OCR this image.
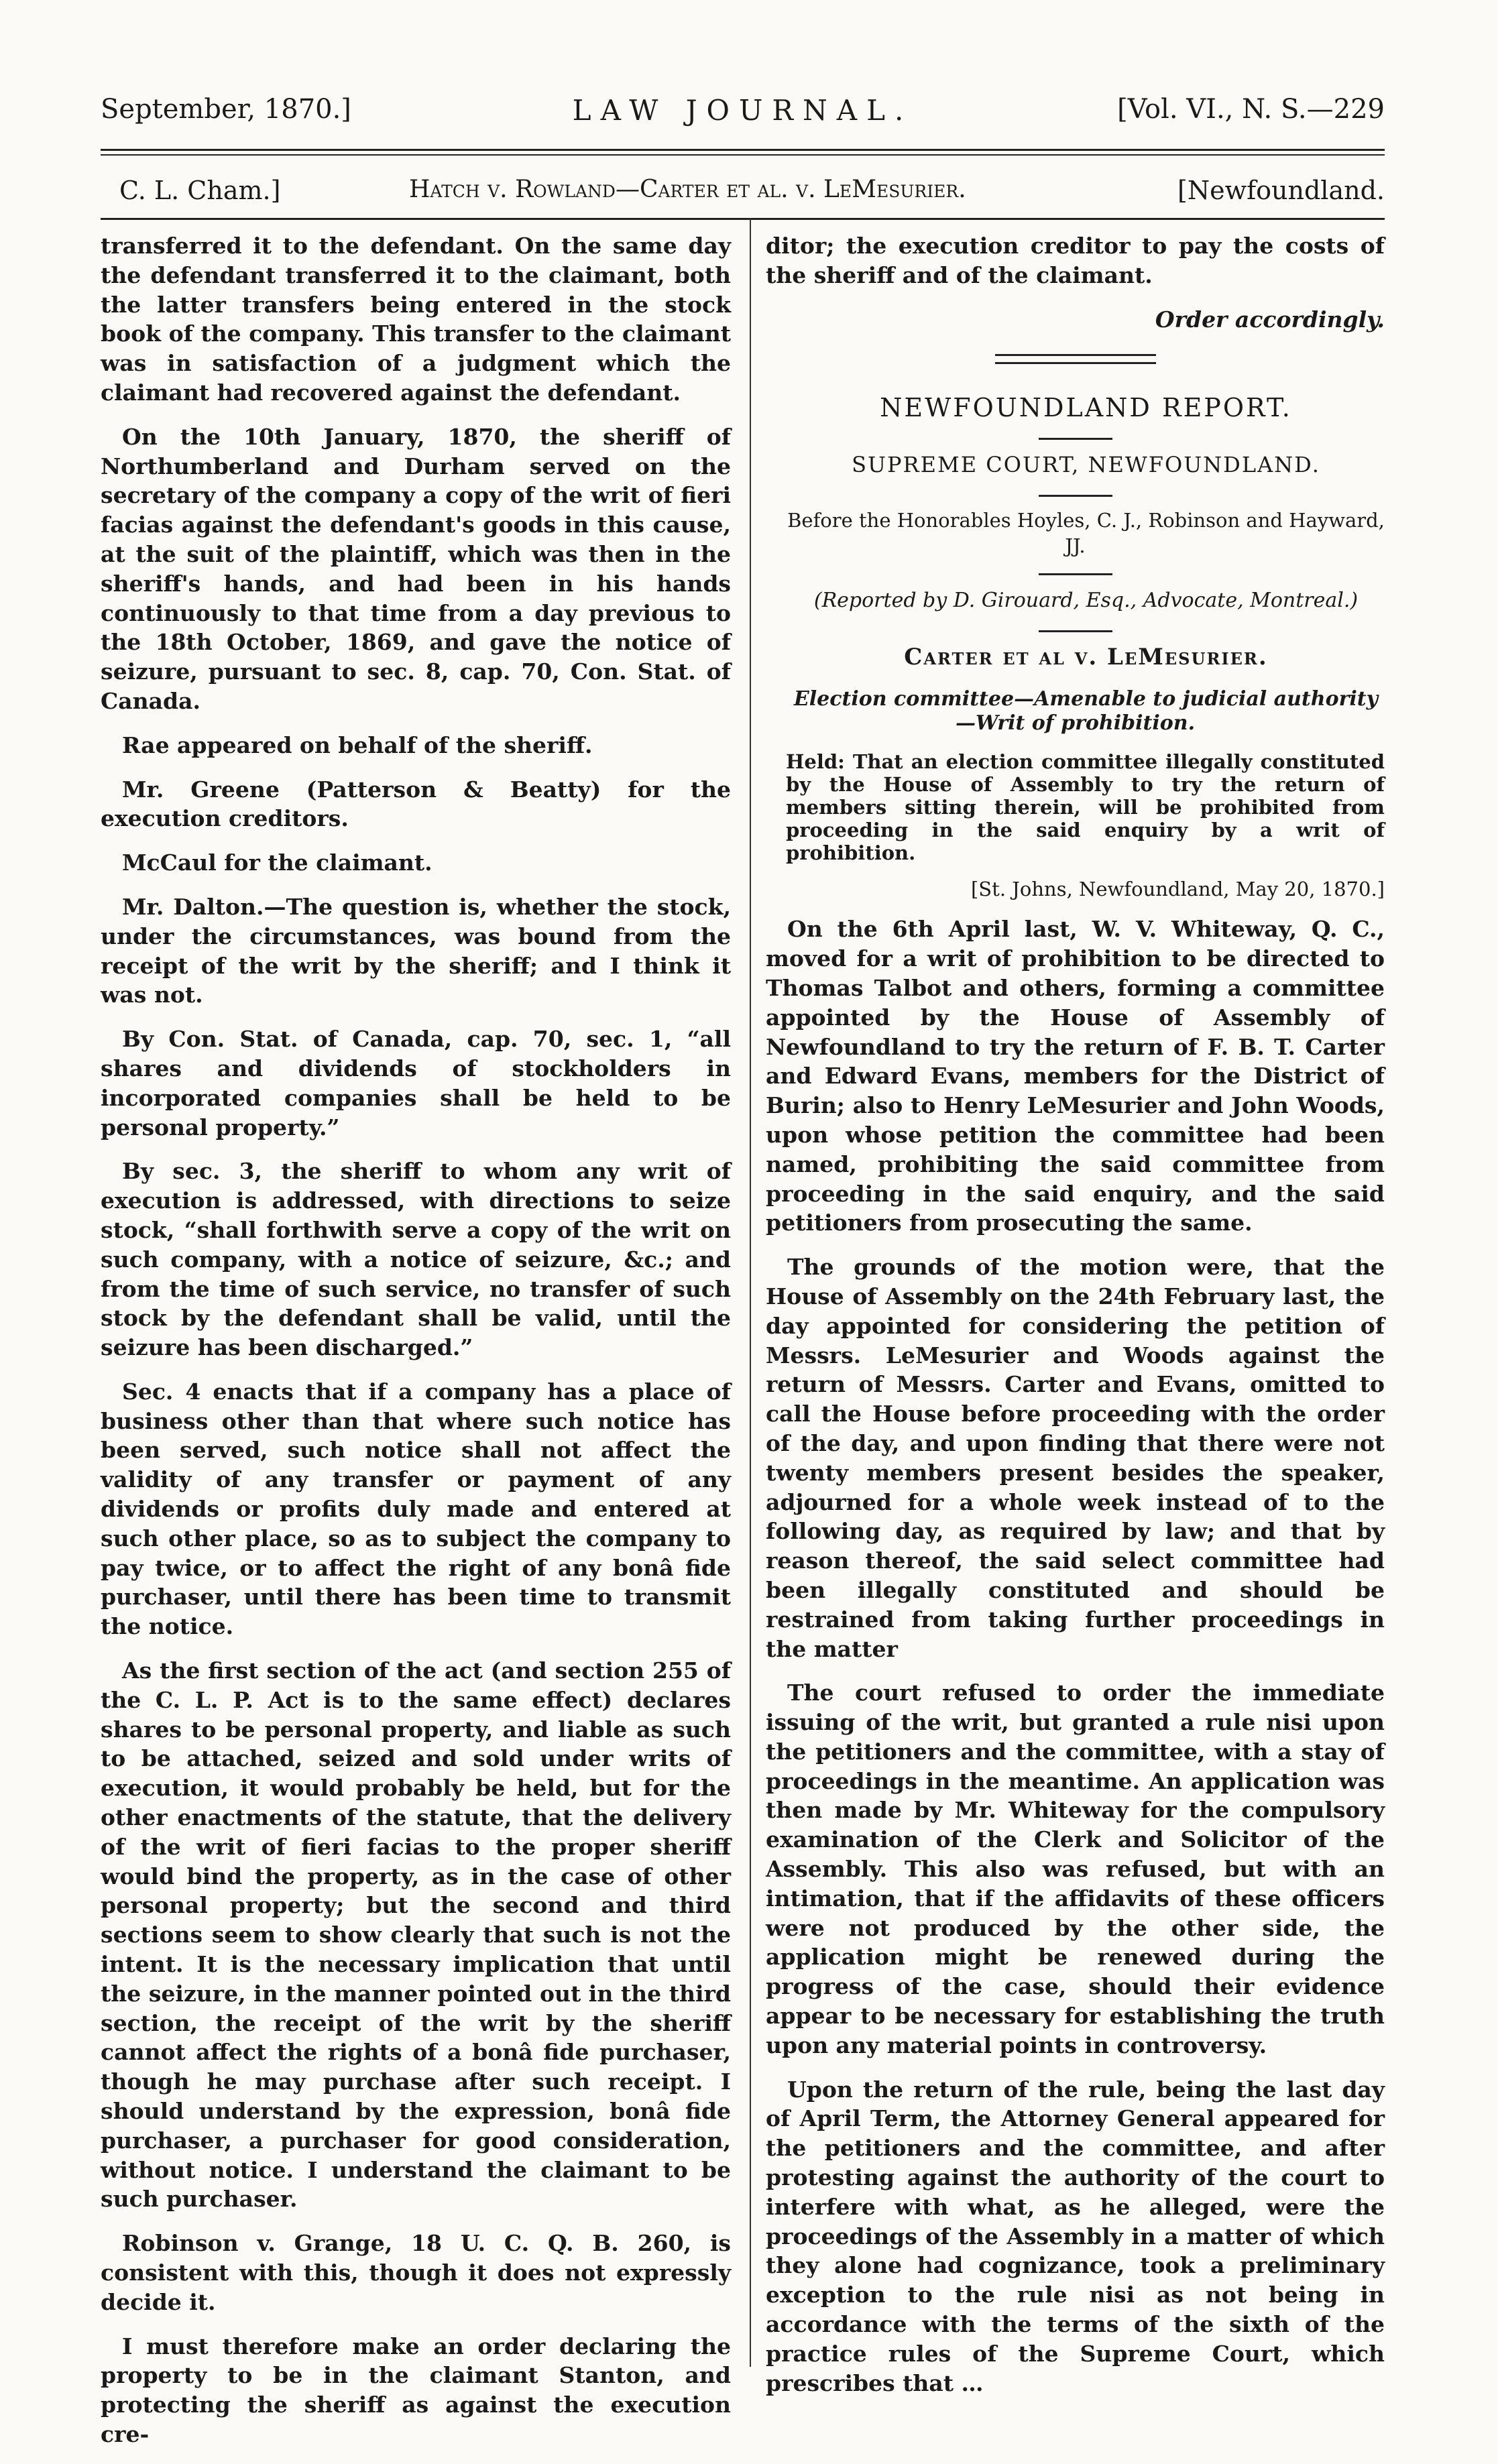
September, 1870.]	LAW JOURNAL.	[Vol. VI., N. S.—229
C. L. Cham.]	Hatch v. Rowland—Carter et al. v. LeMesurier.	[Newfoundland.

transferred it to the defendant. On the same day the defendant transferred it to the claimant, both the latter transfers being entered in the stock book of the company. This transfer to the claimant was in satisfaction of a judgment which the claimant had recovered against the defendant.

On the 10th January, 1870, the sheriff of Northumberland and Durham served on the secretary of the company a copy of the writ of fieri facias against the defendant's goods in this cause, at the suit of the plaintiff, which was then in the sheriff's hands, and had been in his hands continuously to that time from a day previous to the 18th October, 1869, and gave the notice of seizure, pursuant to sec. 8, cap. 70, Con. Stat. of Canada.

Rae appeared on behalf of the sheriff.

Mr. Greene (Patterson & Beatty) for the execution creditors.

McCaul for the claimant.

Mr. Dalton.—The question is, whether the stock, under the circumstances, was bound from the receipt of the writ by the sheriff; and I think it was not.

By Con. Stat. of Canada, cap. 70, sec. 1, “all shares and dividends of stockholders in incorporated companies shall be held to be personal property.”

By sec. 3, the sheriff to whom any writ of execution is addressed, with directions to seize stock, “shall forthwith serve a copy of the writ on such company, with a notice of seizure, &c.; and from the time of such service, no transfer of such stock by the defendant shall be valid, until the seizure has been discharged.”

Sec. 4 enacts that if a company has a place of business other than that where such notice has been served, such notice shall not affect the validity of any transfer or payment of any dividends or profits duly made and entered at such other place, so as to subject the company to pay twice, or to affect the right of any bonâ fide purchaser, until there has been time to transmit the notice.

As the first section of the act (and section 255 of the C. L. P. Act is to the same effect) declares shares to be personal property, and liable as such to be attached, seized and sold under writs of execution, it would probably be held, but for the other enactments of the statute, that the delivery of the writ of fieri facias to the proper sheriff would bind the property, as in the case of other personal property; but the second and third sections seem to show clearly that such is not the intent. It is the necessary implication that until the seizure, in the manner pointed out in the third section, the receipt of the writ by the sheriff cannot affect the rights of a bonâ fide purchaser, though he may purchase after such receipt. I should understand by the expression, bonâ fide purchaser, a purchaser for good consideration, without notice. I understand the claimant to be such purchaser.

Robinson v. Grange, 18 U. C. Q. B. 260, is consistent with this, though it does not expressly decide it.

I must therefore make an order declaring the property to be in the claimant Stanton, and protecting the sheriff as against the execution cre-

ditor; the execution creditor to pay the costs of the sheriff and of the claimant.

Order accordingly.

NEWFOUNDLAND REPORT.

SUPREME COURT, NEWFOUNDLAND.

Before the Honorables Hoyles, C. J., Robinson and Hayward, JJ.

(Reported by D. Girouard, Esq., Advocate, Montreal.)

Carter et al v. LeMesurier.

Election committee—Amenable to judicial authority—Writ of prohibition.

Held: That an election committee illegally constituted by the House of Assembly to try the return of members sitting therein, will be prohibited from proceeding in the said enquiry by a writ of prohibition.

[St. Johns, Newfoundland, May 20, 1870.]

On the 6th April last, W. V. Whiteway, Q. C., moved for a writ of prohibition to be directed to Thomas Talbot and others, forming a committee appointed by the House of Assembly of Newfoundland to try the return of F. B. T. Carter and Edward Evans, members for the District of Burin; also to Henry LeMesurier and John Woods, upon whose petition the committee had been named, prohibiting the said committee from proceeding in the said enquiry, and the said petitioners from prosecuting the same.

The grounds of the motion were, that the House of Assembly on the 24th February last, the day appointed for considering the petition of Messrs. LeMesurier and Woods against the return of Messrs. Carter and Evans, omitted to call the House before proceeding with the order of the day, and upon finding that there were not twenty members present besides the speaker, adjourned for a whole week instead of to the following day, as required by law; and that by reason thereof, the said select committee had been illegally constituted and should be restrained from taking further proceedings in the matter

The court refused to order the immediate issuing of the writ, but granted a rule nisi upon the petitioners and the committee, with a stay of proceedings in the meantime. An application was then made by Mr. Whiteway for the compulsory examination of the Clerk and Solicitor of the Assembly. This also was refused, but with an intimation, that if the affidavits of these officers were not produced by the other side, the application might be renewed during the progress of the case, should their evidence appear to be necessary for establishing the truth upon any material points in controversy.

Upon the return of the rule, being the last day of April Term, the Attorney General appeared for the petitioners and the committee, and after protesting against the authority of the court to interfere with what, as he alleged, were the proceedings of the Assembly in a matter of which they alone had cognizance, took a preliminary exception to the rule nisi as not being in accordance with the terms of the sixth of the practice rules of the Supreme Court, which prescribes that …
